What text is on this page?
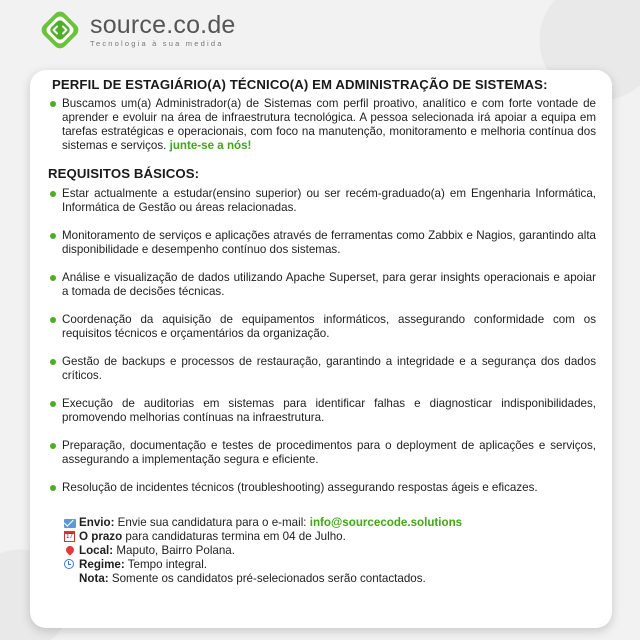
source.co.de
Tecnologia à sua medida
PERFIL DE ESTAGIÁRIO(A) TÉCNICO(A) EM ADMINISTRAÇÃO DE SISTEMAS:
Buscamos um(a) Administrador(a) de Sistemas com perfil proativo, analítico e com forte vontade de aprender e evoluir na área de infraestrutura tecnológica. A pessoa selecionada irá apoiar a equipa em tarefas estratégicas e operacionais, com foco na manutenção, monitoramento e melhoria contínua dos sistemas e serviços. junte-se a nós!
REQUISITOS BÁSICOS:
Estar actualmente a estudar(ensino superior) ou ser recém-graduado(a) em Engenharia Informática, Informática de Gestão ou áreas relacionadas.
Monitoramento de serviços e aplicações através de ferramentas como Zabbix e Nagios, garantindo alta disponibilidade e desempenho contínuo dos sistemas.
Análise e visualização de dados utilizando Apache Superset, para gerar insights operacionais e apoiar a tomada de decisões técnicas.
Coordenação da aquisição de equipamentos informáticos, assegurando conformidade com os requisitos técnicos e orçamentários da organização.
Gestão de backups e processos de restauração, garantindo a integridade e a segurança dos dados críticos.
Execução de auditorias em sistemas para identificar falhas e diagnosticar indisponibilidades, promovendo melhorias contínuas na infraestrutura.
Preparação, documentação e testes de procedimentos para o deployment de aplicações e serviços, assegurando a implementação segura e eficiente.
Resolução de incidentes técnicos (troubleshooting) assegurando respostas ágeis e eficazes.
Envio: Envie sua candidatura para o e-mail: info@sourcecode.solutions
17 O prazo para candidaturas termina em 04 de Julho.
Local: Maputo, Bairro Polana.
Regime: Tempo integral.
Nota: Somente os candidatos pré-selecionados serão contactados.
